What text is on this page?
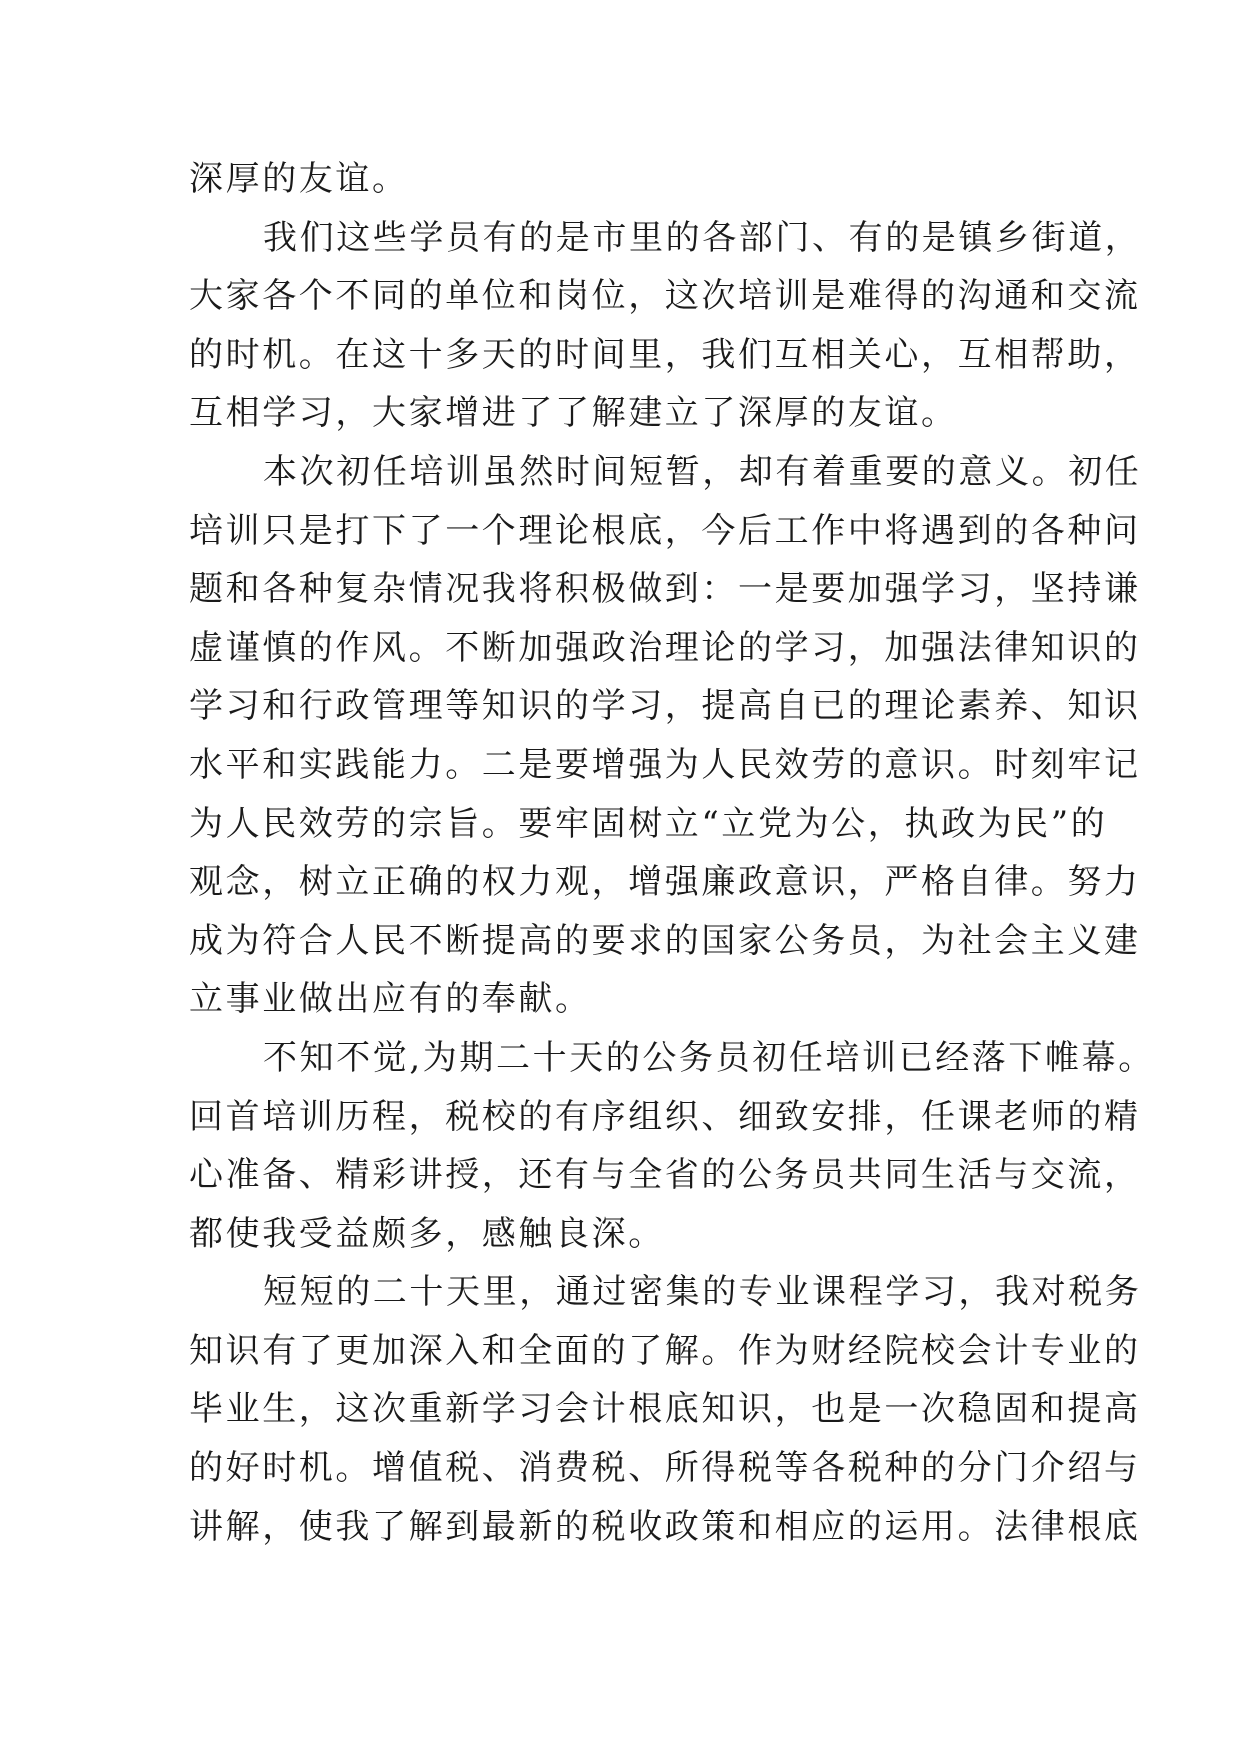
深厚的友谊。
我们这些学员有的是市里的各部门、有的是镇乡街道，
大家各个不同的单位和岗位，这次培训是难得的沟通和交流
的时机。在这十多天的时间里，我们互相关心，互相帮助，
互相学习，大家增进了了解建立了深厚的友谊。
本次初任培训虽然时间短暂，却有着重要的意义。初任
培训只是打下了一个理论根底，今后工作中将遇到的各种问
题和各种复杂情况我将积极做到：一是要加强学习，坚持谦
虚谨慎的作风。不断加强政治理论的学习，加强法律知识的
学习和行政管理等知识的学习，提高自已的理论素养、知识
水平和实践能力。二是要增强为人民效劳的意识。时刻牢记
为人民效劳的宗旨。要牢固树立“立党为公，执政为民”的
观念，树立正确的权力观，增强廉政意识，严格自律。努力
成为符合人民不断提高的要求的国家公务员，为社会主义建
立事业做出应有的奉献。
不知不觉,为期二十天的公务员初任培训已经落下帷幕。
回首培训历程，税校的有序组织、细致安排，任课老师的精
心准备、精彩讲授，还有与全省的公务员共同生活与交流，
都使我受益颇多，感触良深。
短短的二十天里，通过密集的专业课程学习，我对税务
知识有了更加深入和全面的了解。作为财经院校会计专业的
毕业生，这次重新学习会计根底知识，也是一次稳固和提高
的好时机。增值税、消费税、所得税等各税种的分门介绍与
讲解，使我了解到最新的税收政策和相应的运用。法律根底
